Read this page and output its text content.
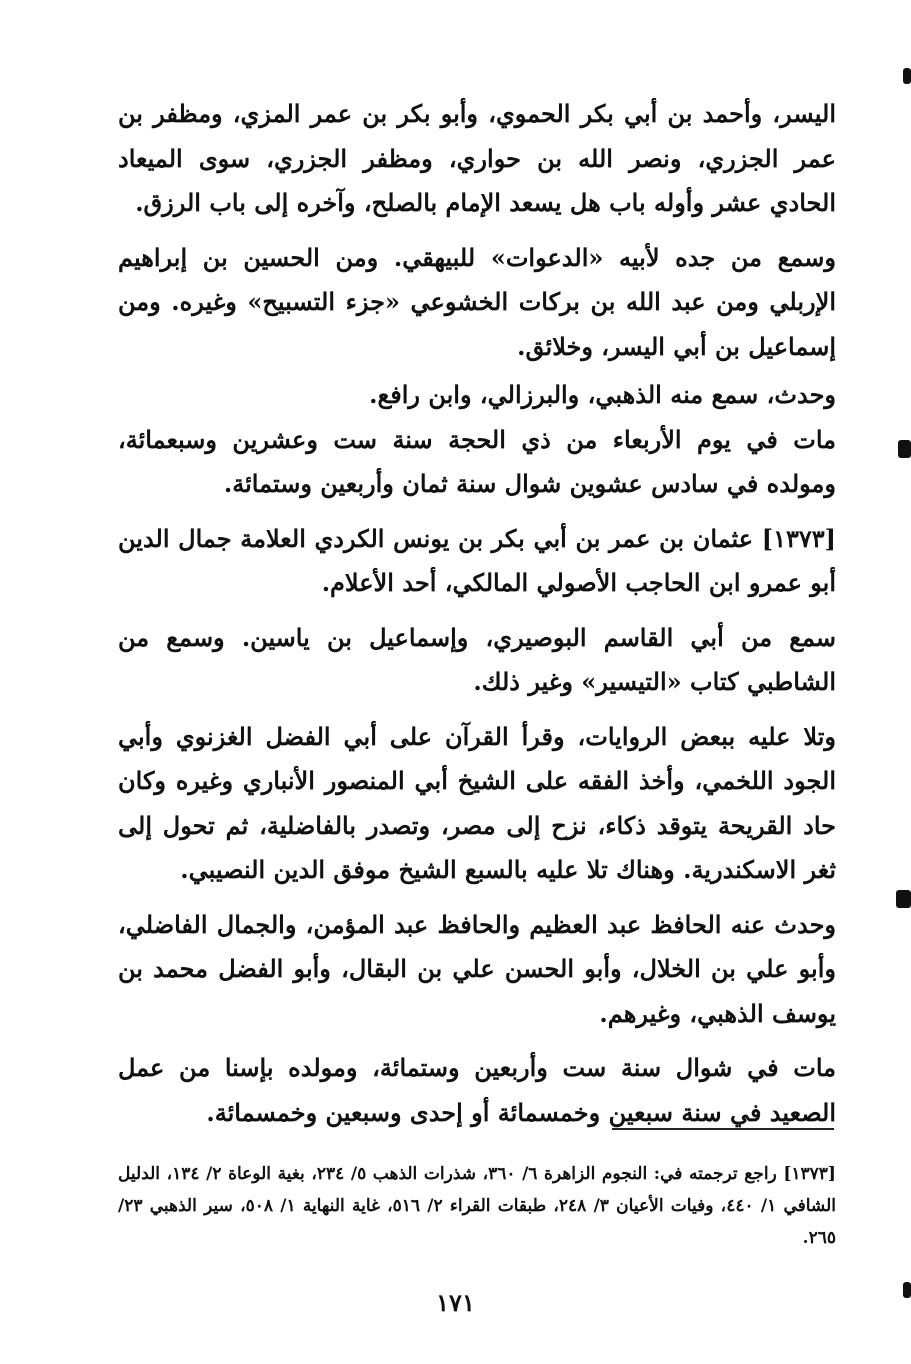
اليسر، وأحمد بن أبي بكر الحموي، وأبو بكر بن عمر المزي، ومظفر بن عمر الجزري، ونصر الله بن حواري، ومظفر الجزري، سوى الميعاد الحادي عشر وأوله باب هل يسعد الإمام بالصلح، وآخره إلى باب الرزق.

وسمع من جده لأبيه «الدعوات» للبيهقي. ومن الحسين بن إبراهيم الإربلي ومن عبد الله بن بركات الخشوعي «جزء التسبيح» وغيره. ومن إسماعيل بن أبي اليسر، وخلائق.

وحدث، سمع منه الذهبي، والبرزالي، وابن رافع.

مات في يوم الأربعاء من ذي الحجة سنة ست وعشرين وسبعمائة، ومولده في سادس عشوين شوال سنة ثمان وأربعين وستمائة.

[١٣٧٣] عثمان بن عمر بن أبي بكر بن يونس الكردي العلامة جمال الدين أبو عمرو ابن الحاجب الأصولي المالكي، أحد الأعلام.

سمع من أبي القاسم البوصيري، وإسماعيل بن ياسين. وسمع من الشاطبي كتاب «التيسير» وغير ذلك.

وتلا عليه ببعض الروايات، وقرأ القرآن على أبي الفضل الغزنوي وأبي الجود اللخمي، وأخذ الفقه على الشيخ أبي المنصور الأنباري وغيره وكان حاد القريحة يتوقد ذكاء، نزح إلى مصر، وتصدر بالفاضلية، ثم تحول إلى ثغر الاسكندرية. وهناك تلا عليه بالسبع الشيخ موفق الدين النصيبي.

وحدث عنه الحافظ عبد العظيم والحافظ عبد المؤمن، والجمال الفاضلي، وأبو علي بن الخلال، وأبو الحسن علي بن البقال، وأبو الفضل محمد بن يوسف الذهبي، وغيرهم.

مات في شوال سنة ست وأربعين وستمائة، ومولده بإسنا من عمل الصعيد في سنة سبعين وخمسمائة أو إحدى وسبعين وخمسمائة.

[١٣٧٣] راجع ترجمته في: النجوم الزاهرة ٦/ ٣٦٠، شذرات الذهب ٥/ ٢٣٤، بغية الوعاة ٢/ ١٣٤، الدليل الشافي ١/ ٤٤٠، وفيات الأعيان ٣/ ٢٤٨، طبقات القراء ٢/ ٥١٦، غاية النهاية ١/ ٥٠٨، سير الذهبي ٢٣/ ٢٦٥.
١٧١
